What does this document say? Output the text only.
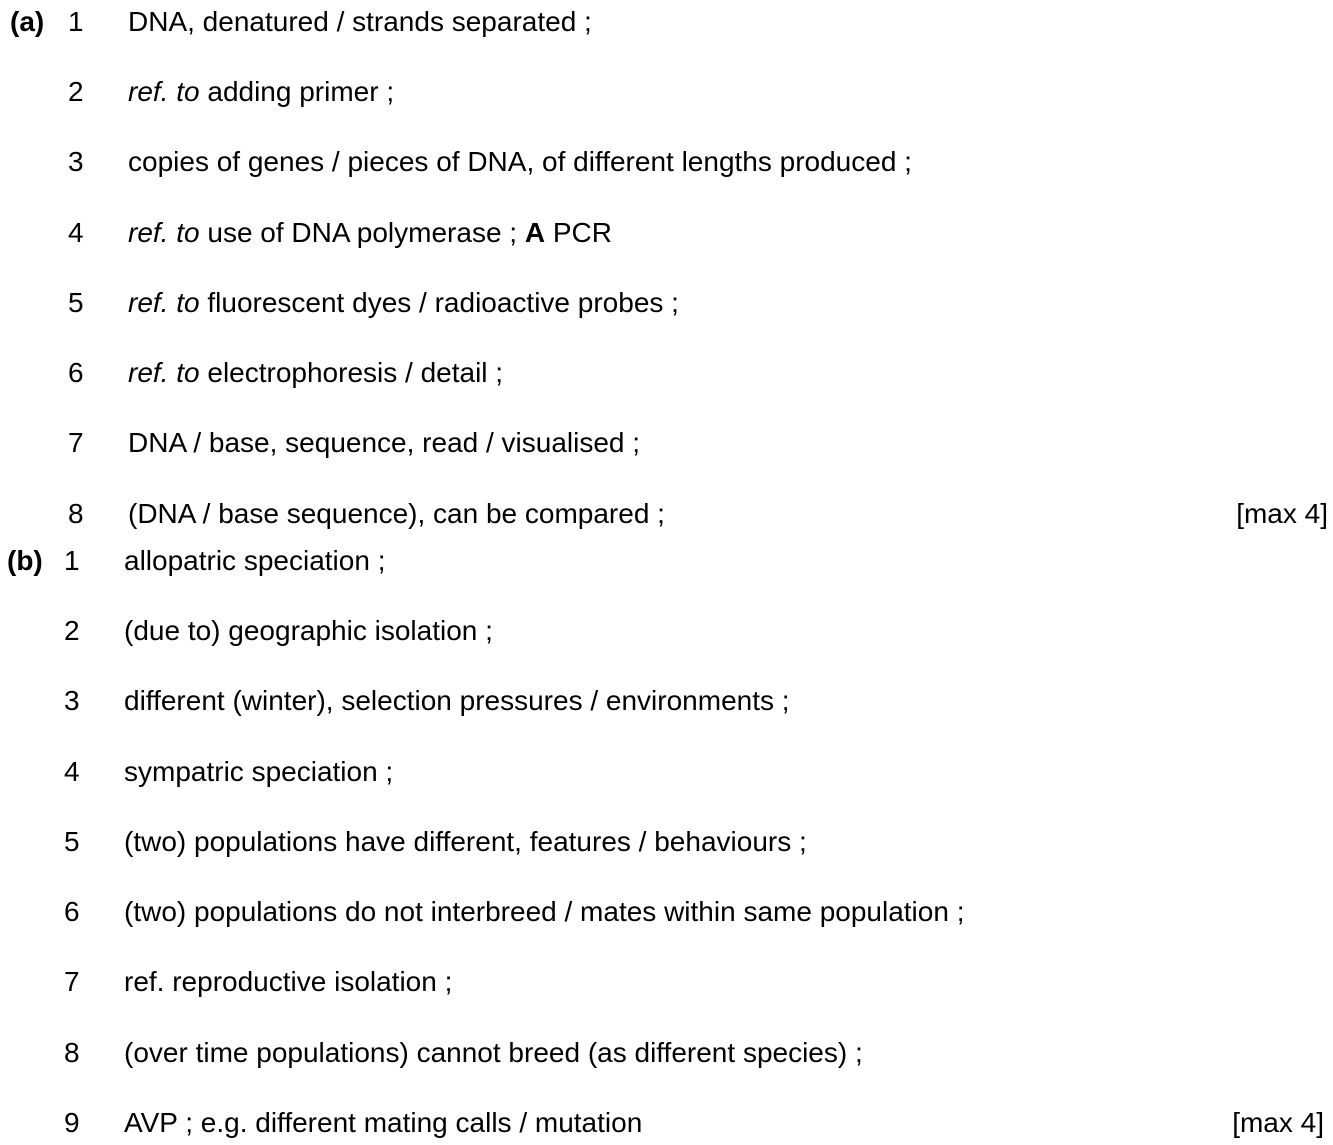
(a) 1 DNA, denatured / strands separated ;
2 ref. to adding primer ;
3 copies of genes / pieces of DNA, of different lengths produced ;
4 ref. to use of DNA polymerase ; A PCR
5 ref. to fluorescent dyes / radioactive probes ;
6 ref. to electrophoresis / detail ;
7 DNA / base, sequence, read / visualised ;
8 (DNA / base sequence), can be compared ;	[max 4]
(b) 1 allopatric speciation ;
2 (due to) geographic isolation ;
3 different (winter), selection pressures / environments ;
4 sympatric speciation ;
5 (two) populations have different, features / behaviours ;
6 (two) populations do not interbreed / mates within same population ;
7 ref. reproductive isolation ;
8 (over time populations) cannot breed (as different species) ;
9 AVP ; e.g. different mating calls / mutation	[max 4]
